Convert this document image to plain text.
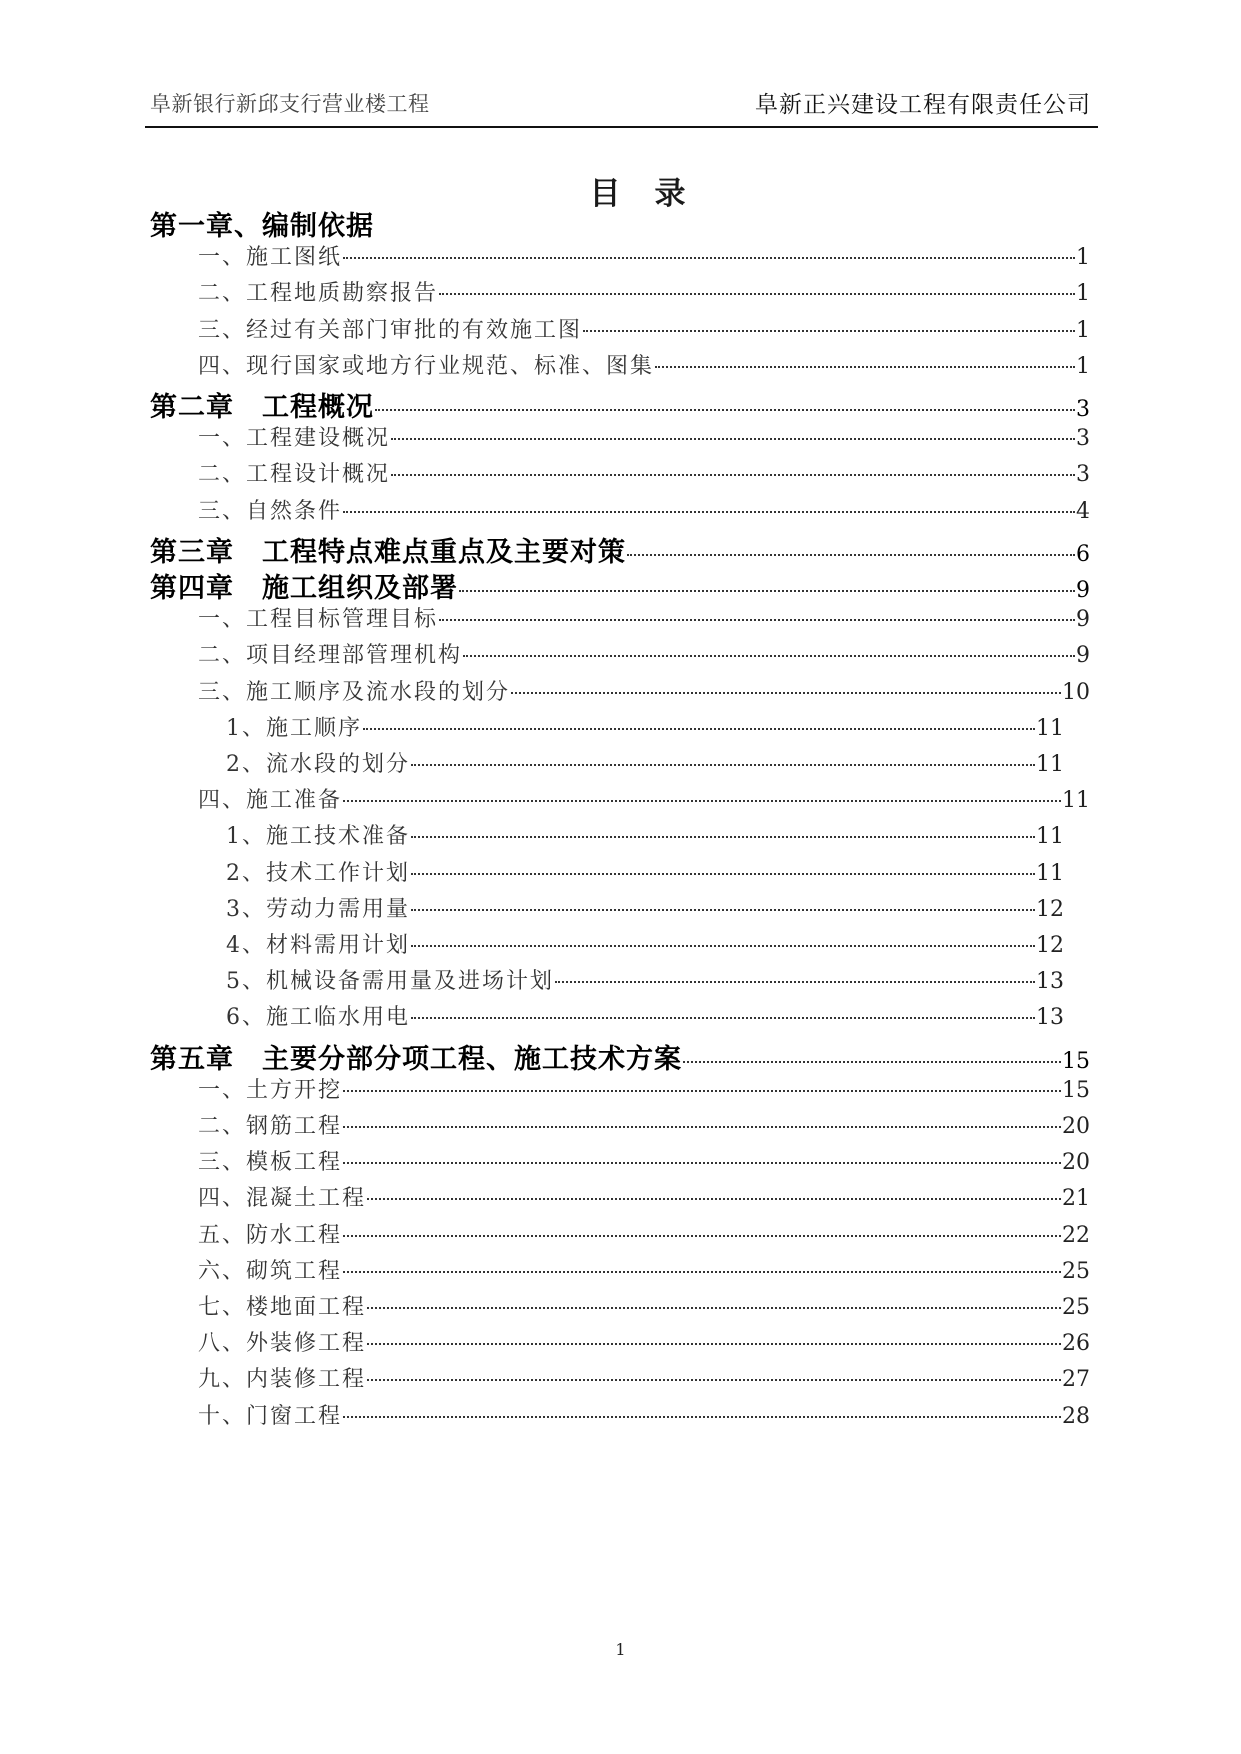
阜新银行新邱支行营业楼工程	阜新正兴建设工程有限责任公司
目录
第一章、编制依据
一、施工图纸	1
二、工程地质勘察报告	1
三、经过有关部门审批的有效施工图	1
四、现行国家或地方行业规范、标准、图集	1
第二章　工程概况	3
一、工程建设概况	3
二、工程设计概况	3
三、自然条件	4
第三章　工程特点难点重点及主要对策	6
第四章　施工组织及部署	9
一、工程目标管理目标	9
二、项目经理部管理机构	9
三、施工顺序及流水段的划分	10
1、施工顺序	11
2、流水段的划分	11
四、施工准备	11
1、施工技术准备	11
2、技术工作计划	11
3、劳动力需用量	12
4、材料需用计划	12
5、机械设备需用量及进场计划	13
6、施工临水用电	13
第五章　主要分部分项工程、施工技术方案	15
一、土方开挖	15
二、钢筋工程	20
三、模板工程	20
四、混凝土工程	21
五、防水工程	22
六、砌筑工程	25
七、楼地面工程	25
八、外装修工程	26
九、内装修工程	27
十、门窗工程	28
1
